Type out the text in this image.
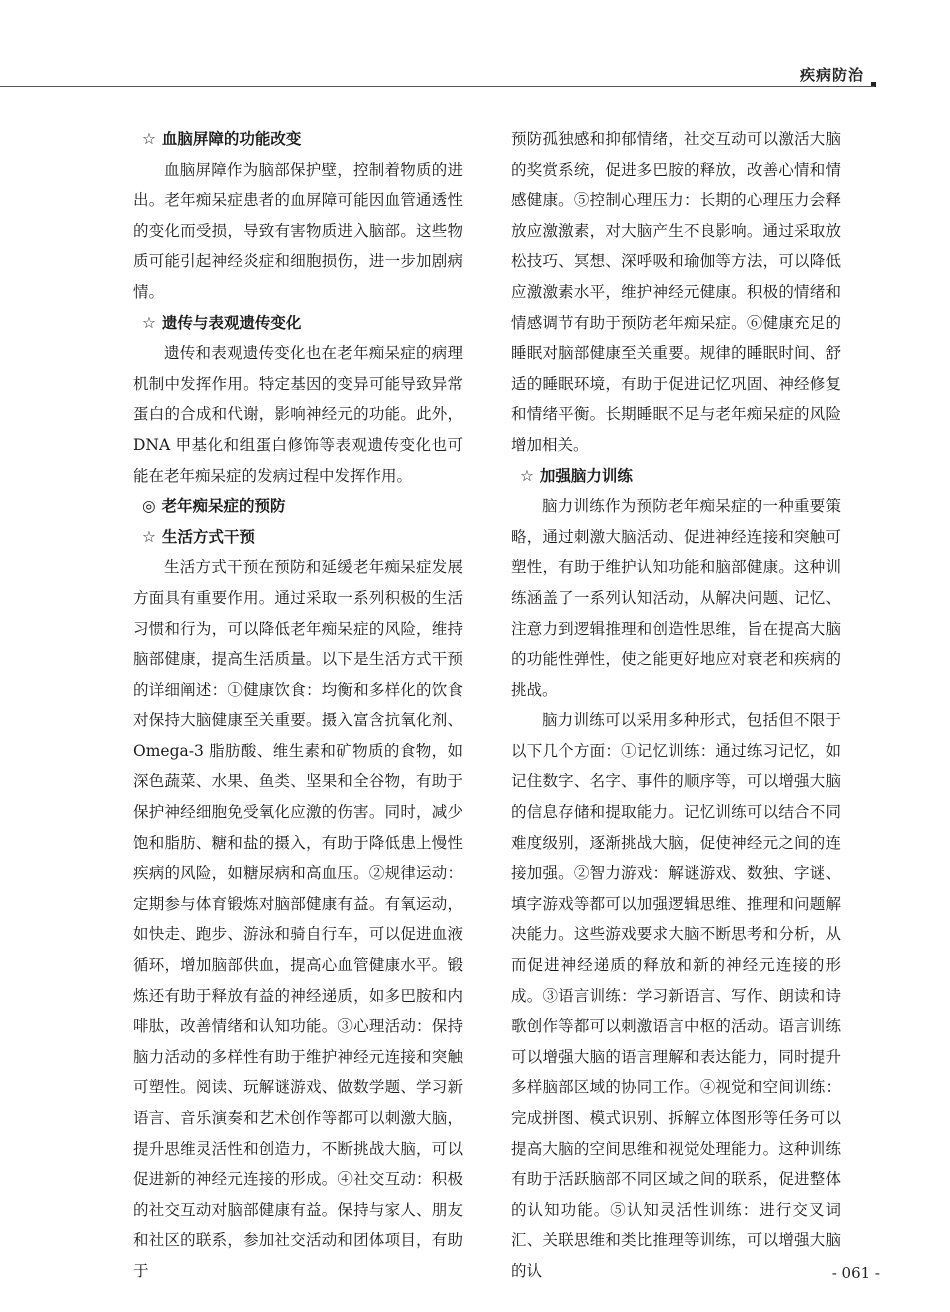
疾病防治
☆ 血脑屏障的功能改变

血脑屏障作为脑部保护壁，控制着物质的进出。老年痴呆症患者的血屏障可能因血管通透性的变化而受损，导致有害物质进入脑部。这些物质可能引起神经炎症和细胞损伤，进一步加剧病情。

☆ 遗传与表观遗传变化

遗传和表观遗传变化也在老年痴呆症的病理机制中发挥作用。特定基因的变异可能导致异常蛋白的合成和代谢，影响神经元的功能。此外，DNA 甲基化和组蛋白修饰等表观遗传变化也可能在老年痴呆症的发病过程中发挥作用。

◎ 老年痴呆症的预防
☆ 生活方式干预

生活方式干预在预防和延缓老年痴呆症发展方面具有重要作用。通过采取一系列积极的生活习惯和行为，可以降低老年痴呆症的风险，维持脑部健康，提高生活质量。以下是生活方式干预的详细阐述：①健康饮食：均衡和多样化的饮食对保持大脑健康至关重要。摄入富含抗氧化剂、Omega-3 脂肪酸、维生素和矿物质的食物，如深色蔬菜、水果、鱼类、坚果和全谷物，有助于保护神经细胞免受氧化应激的伤害。同时，减少饱和脂肪、糖和盐的摄入，有助于降低患上慢性疾病的风险，如糖尿病和高血压。②规律运动：定期参与体育锻炼对脑部健康有益。有氧运动，如快走、跑步、游泳和骑自行车，可以促进血液循环，增加脑部供血，提高心血管健康水平。锻炼还有助于释放有益的神经递质，如多巴胺和内啡肽，改善情绪和认知功能。③心理活动：保持脑力活动的多样性有助于维护神经元连接和突触可塑性。阅读、玩解谜游戏、做数学题、学习新语言、音乐演奏和艺术创作等都可以刺激大脑，提升思维灵活性和创造力，不断挑战大脑，可以促进新的神经元连接的形成。④社交互动：积极的社交互动对脑部健康有益。保持与家人、朋友和社区的联系，参加社交活动和团体项目，有助于

预防孤独感和抑郁情绪，社交互动可以激活大脑的奖赏系统，促进多巴胺的释放，改善心情和情感健康。⑤控制心理压力：长期的心理压力会释放应激激素，对大脑产生不良影响。通过采取放松技巧、冥想、深呼吸和瑜伽等方法，可以降低应激激素水平，维护神经元健康。积极的情绪和情感调节有助于预防老年痴呆症。⑥健康充足的睡眠对脑部健康至关重要。规律的睡眠时间、舒适的睡眠环境，有助于促进记忆巩固、神经修复和情绪平衡。长期睡眠不足与老年痴呆症的风险增加相关。

☆ 加强脑力训练

脑力训练作为预防老年痴呆症的一种重要策略，通过刺激大脑活动、促进神经连接和突触可塑性，有助于维护认知功能和脑部健康。这种训练涵盖了一系列认知活动，从解决问题、记忆、注意力到逻辑推理和创造性思维，旨在提高大脑的功能性弹性，使之能更好地应对衰老和疾病的挑战。

脑力训练可以采用多种形式，包括但不限于以下几个方面：①记忆训练：通过练习记忆，如记住数字、名字、事件的顺序等，可以增强大脑的信息存储和提取能力。记忆训练可以结合不同难度级别，逐渐挑战大脑，促使神经元之间的连接加强。②智力游戏：解谜游戏、数独、字谜、填字游戏等都可以加强逻辑思维、推理和问题解决能力。这些游戏要求大脑不断思考和分析，从而促进神经递质的释放和新的神经元连接的形成。③语言训练：学习新语言、写作、朗读和诗歌创作等都可以刺激语言中枢的活动。语言训练可以增强大脑的语言理解和表达能力，同时提升多样脑部区域的协同工作。④视觉和空间训练：完成拼图、模式识别、拆解立体图形等任务可以提高大脑的空间思维和视觉处理能力。这种训练有助于活跃脑部不同区域之间的联系，促进整体的认知功能。⑤认知灵活性训练：进行交叉词汇、关联思维和类比推理等训练，可以增强大脑的认	- 061 -
